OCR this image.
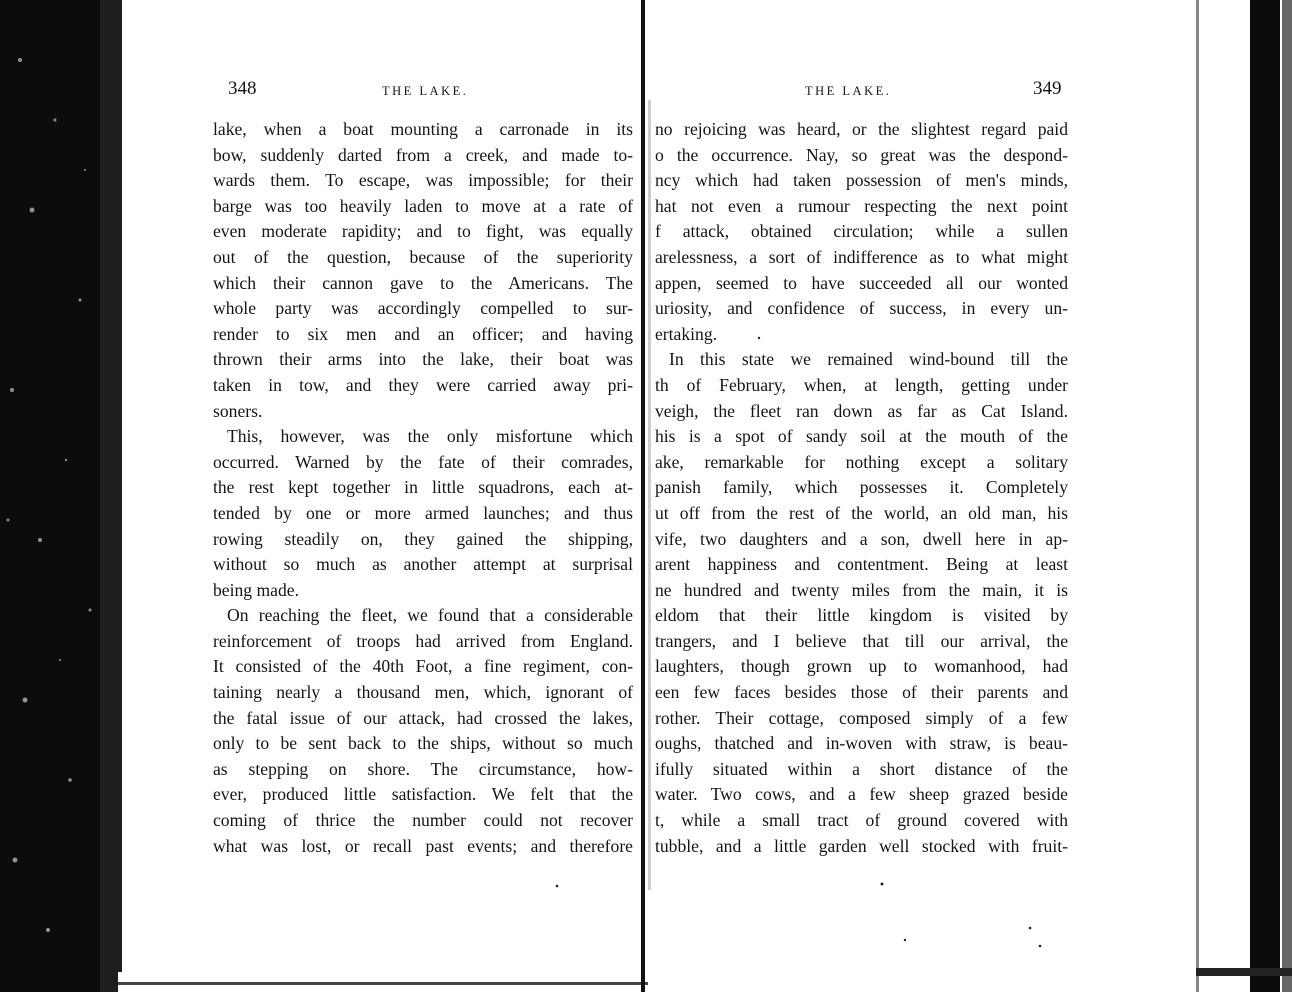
348	THE LAKE.
lake, when a boat mounting a carronade in its
bow, suddenly darted from a creek, and made to-
wards them. To escape, was impossible; for their
barge was too heavily laden to move at a rate of
even moderate rapidity; and to fight, was equally
out of the question, because of the superiority
which their cannon gave to the Americans. The
whole party was accordingly compelled to sur-
render to six men and an officer; and having
thrown their arms into the lake, their boat was
taken in tow, and they were carried away pri-
soners.
This, however, was the only misfortune which
occurred. Warned by the fate of their comrades,
the rest kept together in little squadrons, each at-
tended by one or more armed launches; and thus
rowing steadily on, they gained the shipping,
without so much as another attempt at surprisal
being made.
On reaching the fleet, we found that a considerable
reinforcement of troops had arrived from England.
It consisted of the 40th Foot, a fine regiment, con-
taining nearly a thousand men, which, ignorant of
the fatal issue of our attack, had crossed the lakes,
only to be sent back to the ships, without so much
as stepping on shore. The circumstance, how-
ever, produced little satisfaction. We felt that the
coming of thrice the number could not recover
what was lost, or recall past events; and therefore
THE LAKE.	349
no rejoicing was heard, or the slightest regard paid
o the occurrence. Nay, so great was the despond-
ncy which had taken possession of men's minds,
hat not even a rumour respecting the next point
f attack, obtained circulation; while a sullen
arelessness, a sort of indifference as to what might
appen, seemed to have succeeded all our wonted
uriosity, and confidence of success, in every un-
ertaking.
In this state we remained wind-bound till the
th of February, when, at length, getting under
veigh, the fleet ran down as far as Cat Island.
his is a spot of sandy soil at the mouth of the
ake, remarkable for nothing except a solitary
panish family, which possesses it. Completely
ut off from the rest of the world, an old man, his
vife, two daughters and a son, dwell here in ap-
arent happiness and contentment. Being at least
ne hundred and twenty miles from the main, it is
eldom that their little kingdom is visited by
trangers, and I believe that till our arrival, the
laughters, though grown up to womanhood, had
een few faces besides those of their parents and
rother. Their cottage, composed simply of a few
oughs, thatched and in-woven with straw, is beau-
ifully situated within a short distance of the
water. Two cows, and a few sheep grazed beside
t, while a small tract of ground covered with
tubble, and a little garden well stocked with fruit-
